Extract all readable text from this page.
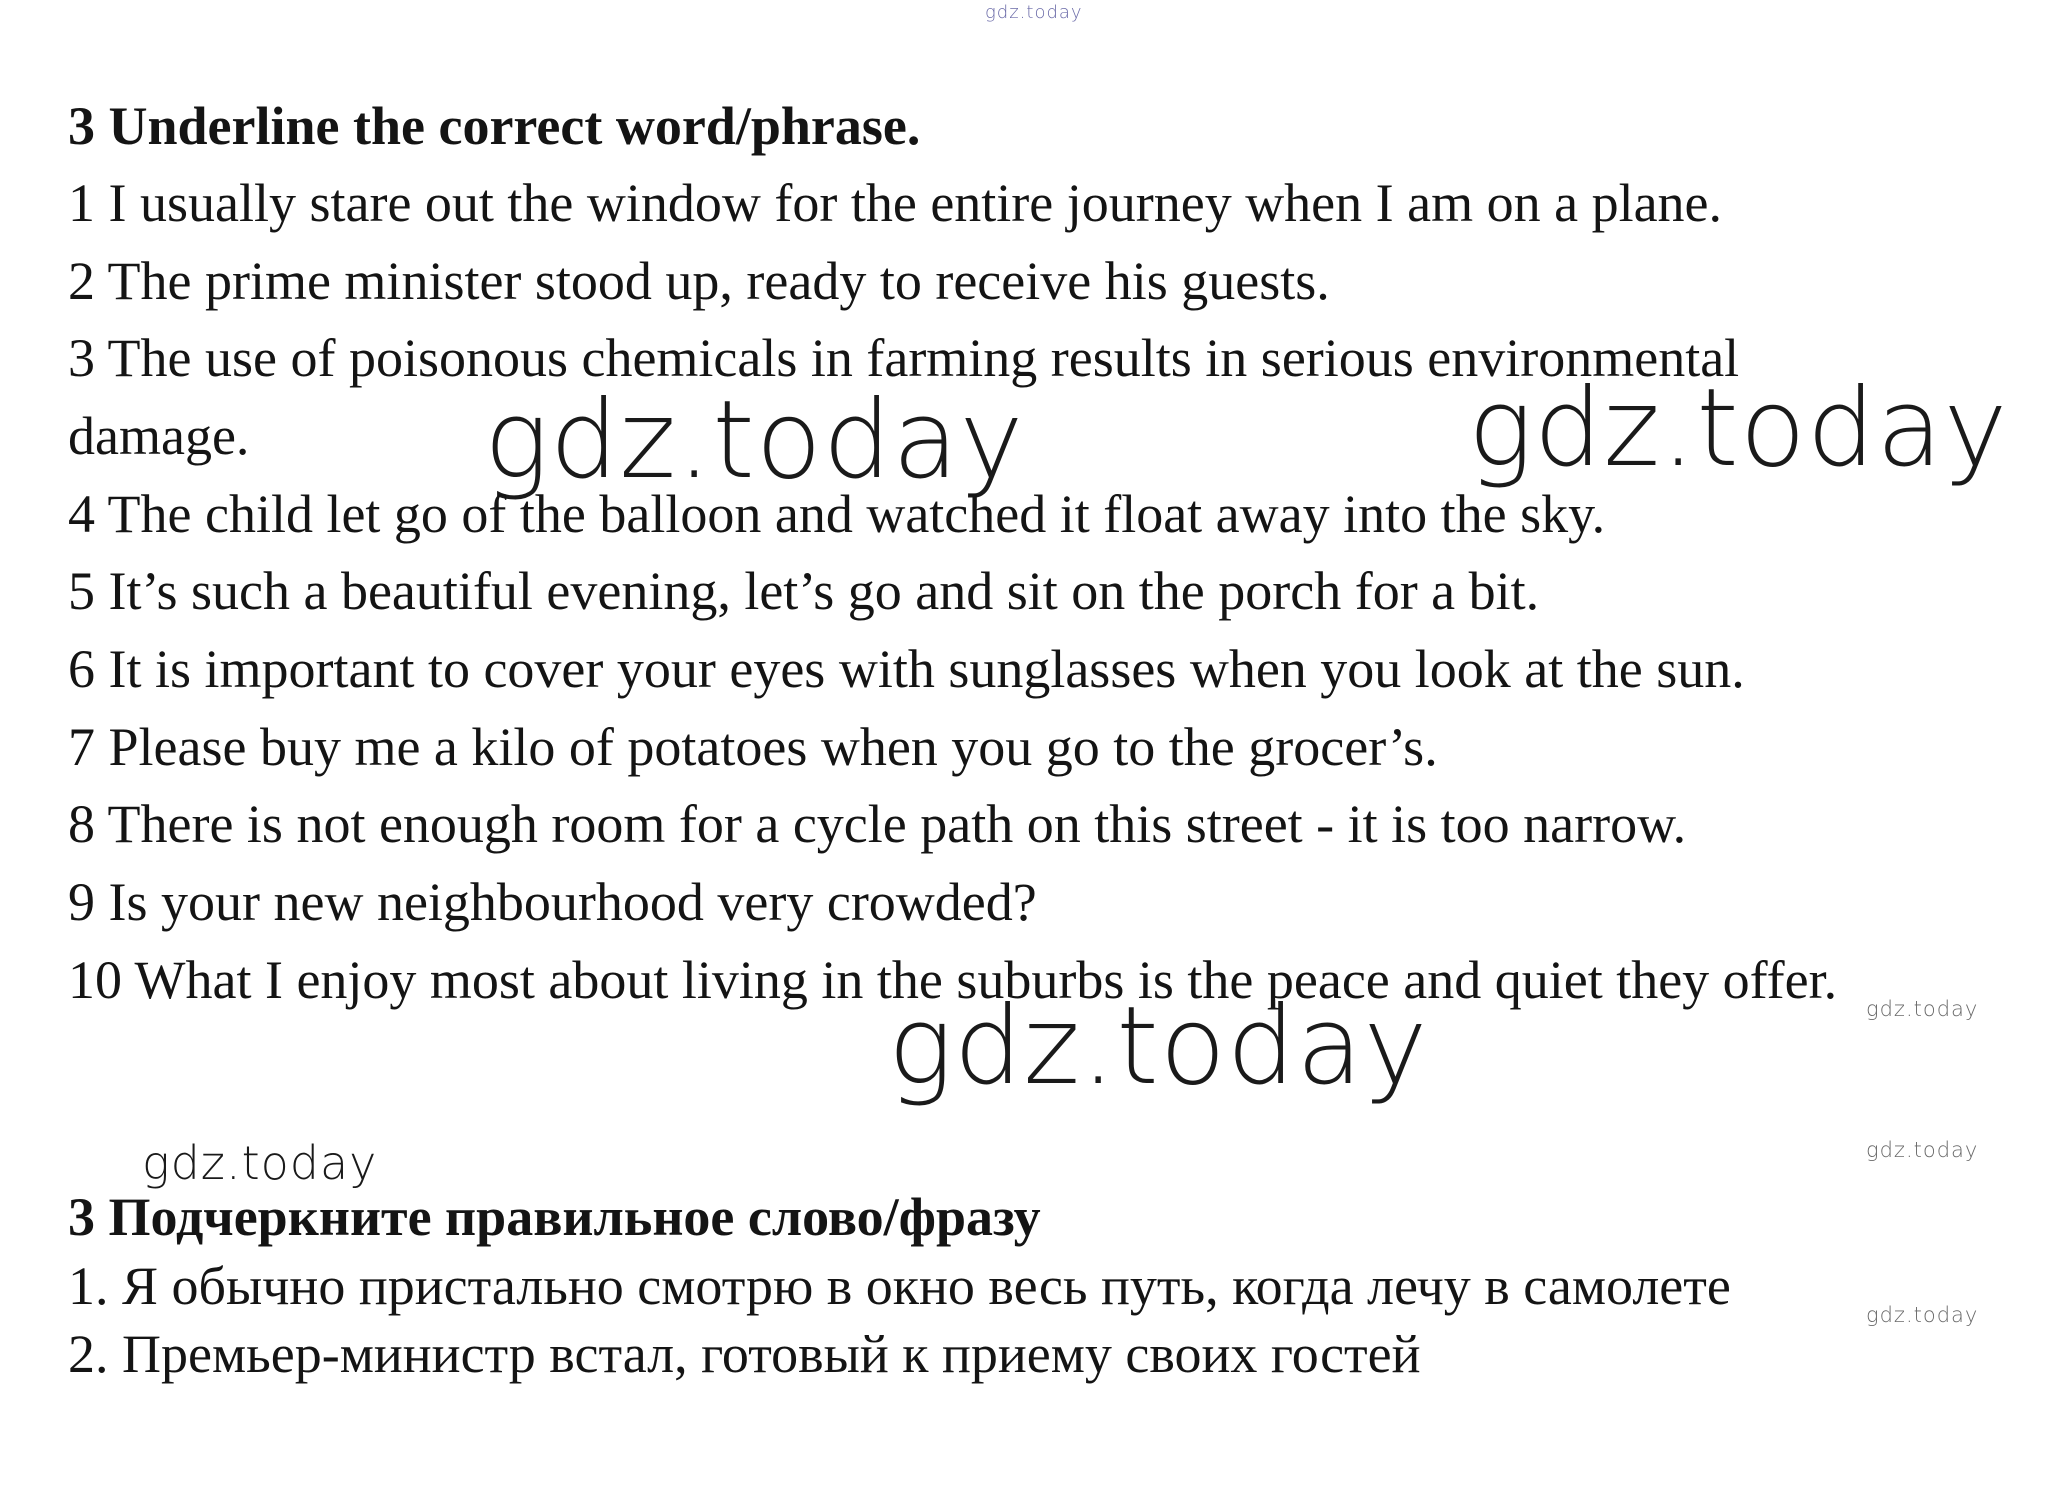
gdz.today
gdz.today	gdz.today
gdz.today
gdz.today
gdz.today
gdz.today
gdz.today
3 Underline the correct word/phrase.
1 I usually stare out the window for the entire journey when I am on a plane.
2 The prime minister stood up, ready to receive his guests.
3 The use of poisonous chemicals in farming results in serious environmental
damage.
4 The child let go of the balloon and watched it float away into the sky.
5 It’s such a beautiful evening, let’s go and sit on the porch for a bit.
6 It is important to cover your eyes with sunglasses when you look at the sun.
7 Please buy me a kilo of potatoes when you go to the grocer’s.
8 There is not enough room for a cycle path on this street - it is too narrow.
9 Is your new neighbourhood very crowded?
10 What I enjoy most about living in the suburbs is the peace and quiet they offer.
3 Подчеркните правильное слово/фразу
1. Я обычно пристально смотрю в окно весь путь, когда лечу в самолете
2. Премьер-министр встал, готовый к приему своих гостей
